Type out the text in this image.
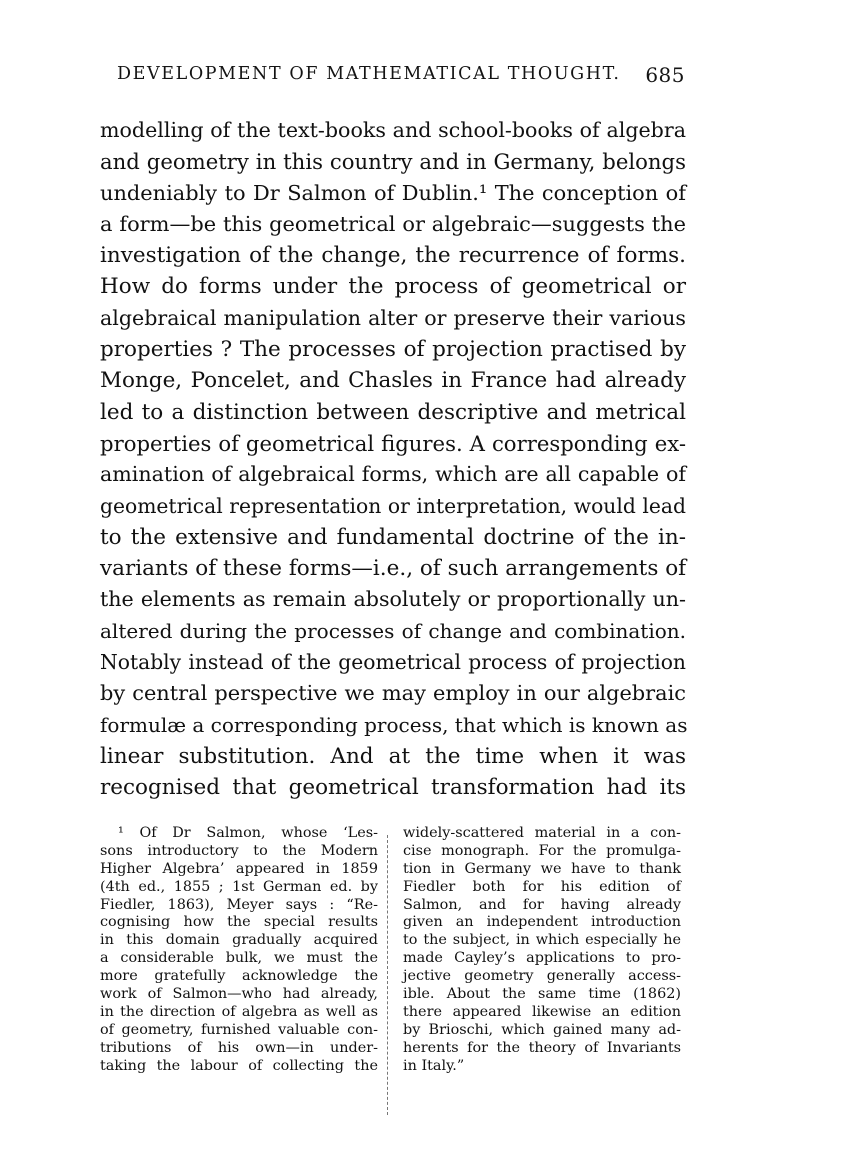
DEVELOPMENT OF MATHEMATICAL THOUGHT. 685
modelling of the text-books and school-books of algebra
and geometry in this country and in Germany, belongs
undeniably to Dr Salmon of Dublin.¹ The conception of
a form—be this geometrical or algebraic—suggests the
investigation of the change, the recurrence of forms.
How do forms under the process of geometrical or
algebraical manipulation alter or preserve their various
properties ? The processes of projection practised by
Monge, Poncelet, and Chasles in France had already
led to a distinction between descriptive and metrical
properties of geometrical figures. A corresponding ex-
amination of algebraical forms, which are all capable of
geometrical representation or interpretation, would lead
to the extensive and fundamental doctrine of the in-
variants of these forms—i.e., of such arrangements of
the elements as remain absolutely or proportionally un-
altered during the processes of change and combination.
Notably instead of the geometrical process of projection
by central perspective we may employ in our algebraic
formulæ a corresponding process, that which is known as
linear substitution. And at the time when it was
recognised that geometrical transformation had its
¹ Of Dr Salmon, whose ‘Les-
sons introductory to the Modern
Higher Algebra’ appeared in 1859
(4th ed., 1855 ; 1st German ed. by
Fiedler, 1863), Meyer says : “Re-
cognising how the special results
in this domain gradually acquired
a considerable bulk, we must the
more gratefully acknowledge the
work of Salmon—who had already,
in the direction of algebra as well as
of geometry, furnished valuable con-
tributions of his own—in under-
taking the labour of collecting the
widely-scattered material in a con-
cise monograph. For the promulga-
tion in Germany we have to thank
Fiedler both for his edition of
Salmon, and for having already
given an independent introduction
to the subject, in which especially he
made Cayley’s applications to pro-
jective geometry generally access-
ible. About the same time (1862)
there appeared likewise an edition
by Brioschi, which gained many ad-
herents for the theory of Invariants
in Italy.”
